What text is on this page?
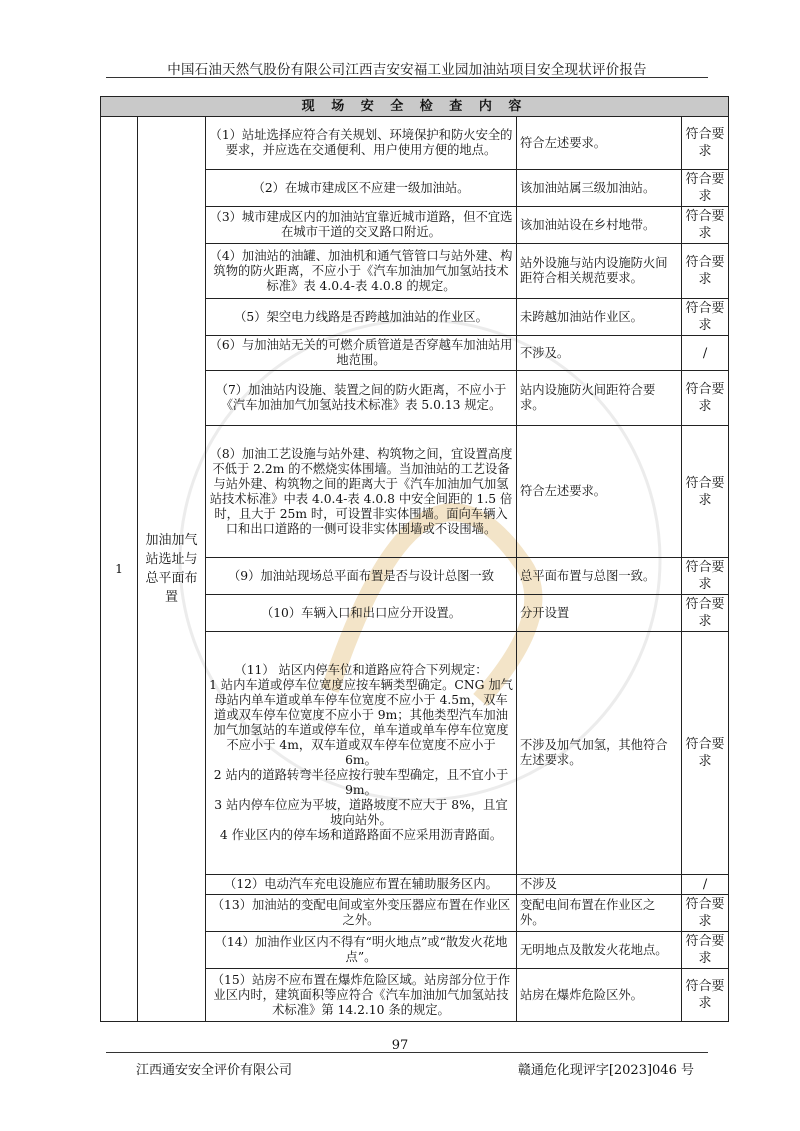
中国石油天然气股份有限公司江西吉安安福工业园加油站项目安全现状评价报告
现 场 安 全 检 查 内 容				
1	加油加气站选址与总平面布置	（1）站址选择应符合有关规划、环境保护和防火安全的要求，并应选在交通便利、用户使用方便的地点。	符合左述要求。	符合要求
		（2）在城市建成区不应建一级加油站。	该加油站属三级加油站。	符合要求
		（3）城市建成区内的加油站宜靠近城市道路，但不宜选在城市干道的交叉路口附近。	该加油站设在乡村地带。	符合要求
		（4）加油站的油罐、加油机和通气管管口与站外建、构筑物的防火距离，不应小于《汽车加油加气加氢站技术标准》表 4.0.4-表 4.0.8 的规定。	站外设施与站内设施防火间距符合相关规范要求。	符合要求
		（5）架空电力线路是否跨越加油站的作业区。	未跨越加油站作业区。	符合要求
		（6）与加油站无关的可燃介质管道是否穿越车加油站用地范围。	不涉及。	/
		（7）加油站内设施、装置之间的防火距离，不应小于《汽车加油加气加氢站技术标准》表 5.0.13 规定。	站内设施防火间距符合要求。	符合要求
		（8）加油工艺设施与站外建、构筑物之间，宜设置高度不低于 2.2m 的不燃烧实体围墙。当加油站的工艺设备与站外建、构筑物之间的距离大于《汽车加油加气加氢站技术标准》中表 4.0.4-表 4.0.8 中安全间距的 1.5 倍时，且大于 25m 时，可设置非实体围墙。面向车辆入口和出口道路的一侧可设非实体围墙或不设围墙。	符合左述要求。	符合要求
		（9）加油站现场总平面布置是否与设计总图一致	总平面布置与总图一致。	符合要求
		（10）车辆入口和出口应分开设置。	分开设置	符合要求

		（11） 站区内停车位和道路应符合下列规定：
1 站内车道或停车位宽度应按车辆类型确定。CNG 加气母站内单车道或单车停车位宽度不应小于 4.5m，双车道或双车停车位宽度不应小于 9m；其他类型汽车加油加气加氢站的车道或停车位，单车道或单车停车位宽度不应小于 4m，双车道或双车停车位宽度不应小于 6m。
2 站内的道路转弯半径应按行驶车型确定，且不宜小于 9m。
3 站内停车位应为平坡，道路坡度不应大于 8%，且宜坡向站外。
4 作业区内的停车场和道路路面不应采用沥青路面。	不涉及加气加氢，其他符合左述要求。	符合要求
		（12）电动汽车充电设施应布置在辅助服务区内。	不涉及	/
		（13）加油站的变配电间或室外变压器应布置在作业区之外。	变配电间布置在作业区之外。	符合要求
		（14）加油作业区内不得有“明火地点”或“散发火花地点”。	无明地点及散发火花地点。	符合要求
		（15）站房不应布置在爆炸危险区域。站房部分位于作业区内时，建筑面积等应符合《汽车加油加气加氢站技术标准》第 14.2.10 条的规定。	站房在爆炸危险区外。	符合要求
97
江西通安安全评价有限公司	赣通危化现评字[2023]046 号
